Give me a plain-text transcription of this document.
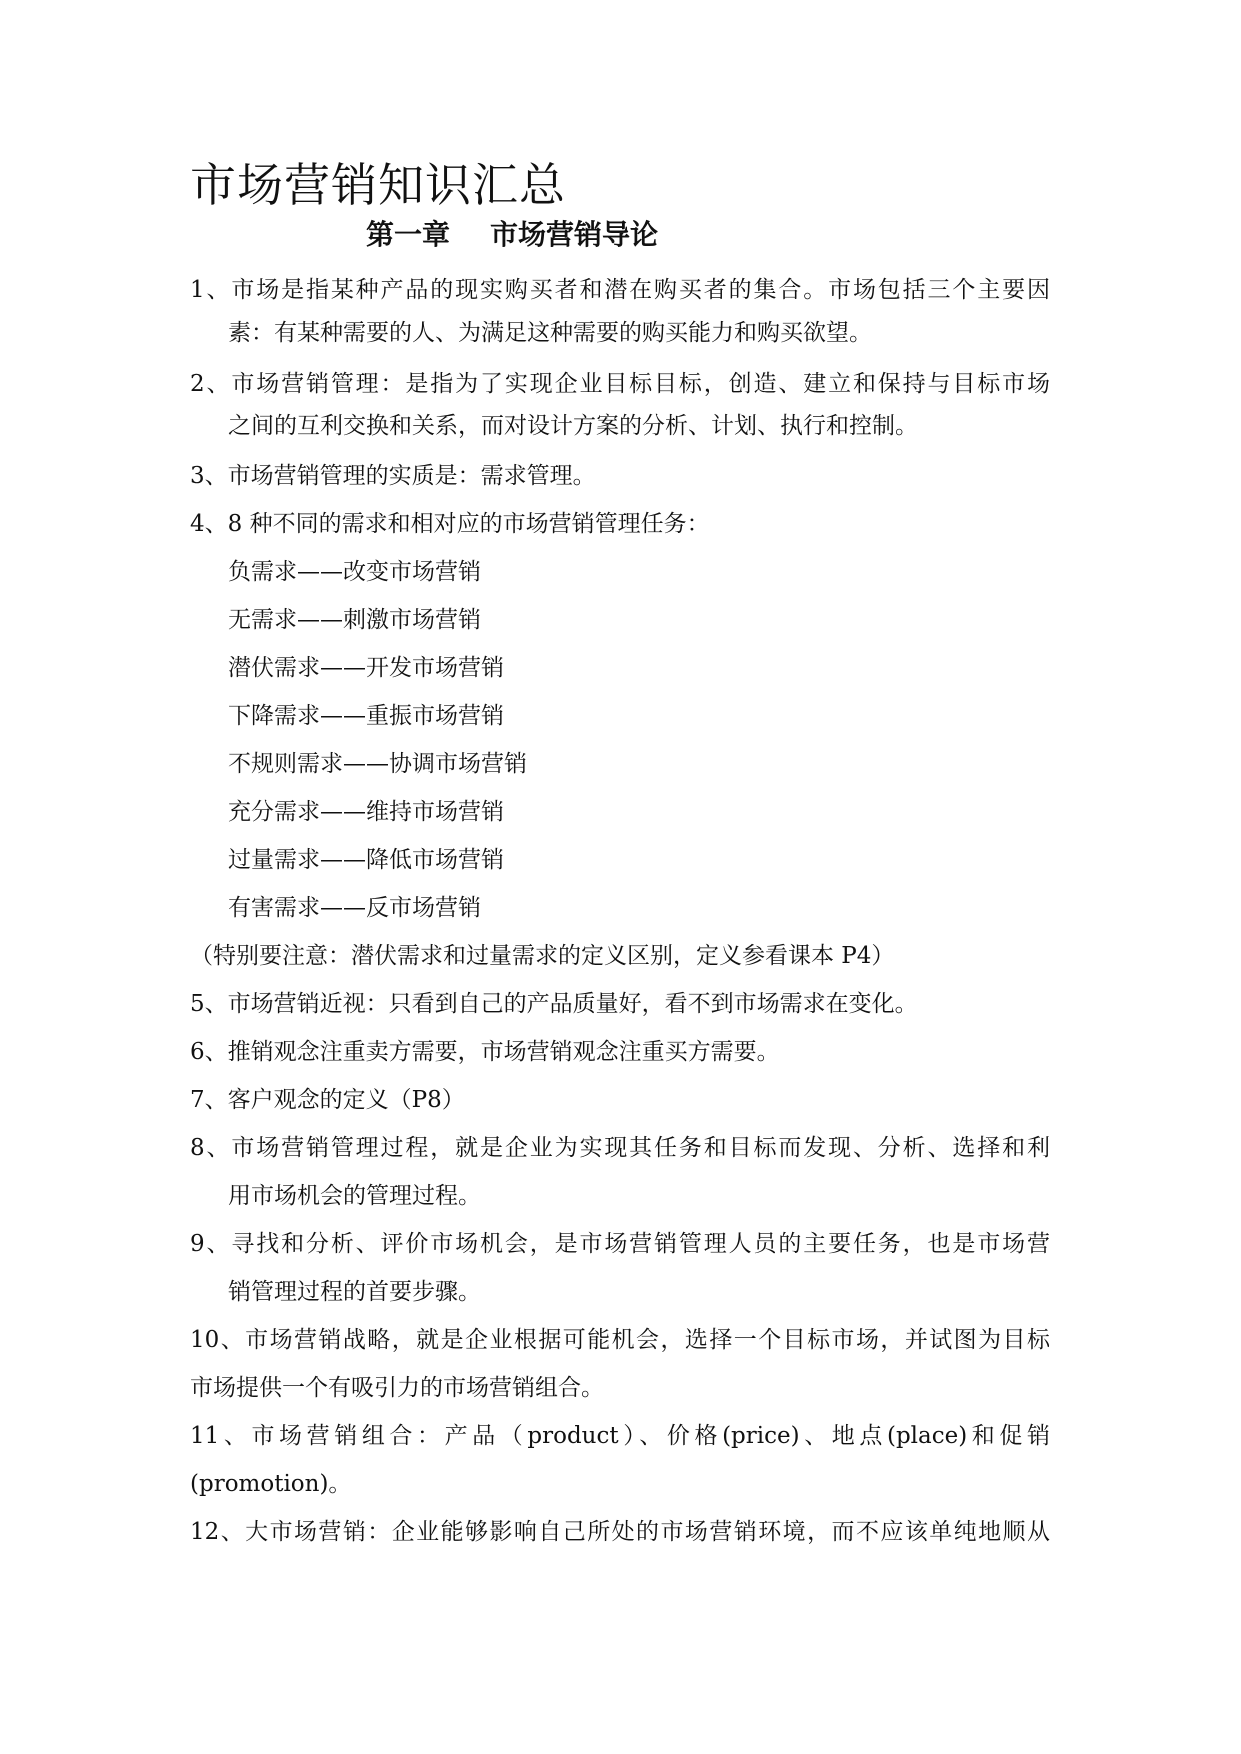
市场营销知识汇总
第一章 市场营销导论
1、市场是指某种产品的现实购买者和潜在购买者的集合。市场包括三个主要因
素：有某种需要的人、为满足这种需要的购买能力和购买欲望。
2、市场营销管理：是指为了实现企业目标目标，创造、建立和保持与目标市场
之间的互利交换和关系，而对设计方案的分析、计划、执行和控制。
3、市场营销管理的实质是：需求管理。
4、8 种不同的需求和相对应的市场营销管理任务：
负需求——改变市场营销
无需求——刺激市场营销
潜伏需求——开发市场营销
下降需求——重振市场营销
不规则需求——协调市场营销
充分需求——维持市场营销
过量需求——降低市场营销
有害需求——反市场营销
（特别要注意：潜伏需求和过量需求的定义区别，定义参看课本 P4）
5、市场营销近视：只看到自己的产品质量好，看不到市场需求在变化。
6、推销观念注重卖方需要，市场营销观念注重买方需要。
7、客户观念的定义（P8）
8、市场营销管理过程，就是企业为实现其任务和目标而发现、分析、选择和利
用市场机会的管理过程。
9、寻找和分析、评价市场机会，是市场营销管理人员的主要任务，也是市场营
销管理过程的首要步骤。
10、市场营销战略，就是企业根据可能机会，选择一个目标市场，并试图为目标
市场提供一个有吸引力的市场营销组合。
11、市场营销组合：产品（product）、价格(price)、地点(place)和促销
(promotion)。
12、大市场营销：企业能够影响自己所处的市场营销环境，而不应该单纯地顺从
